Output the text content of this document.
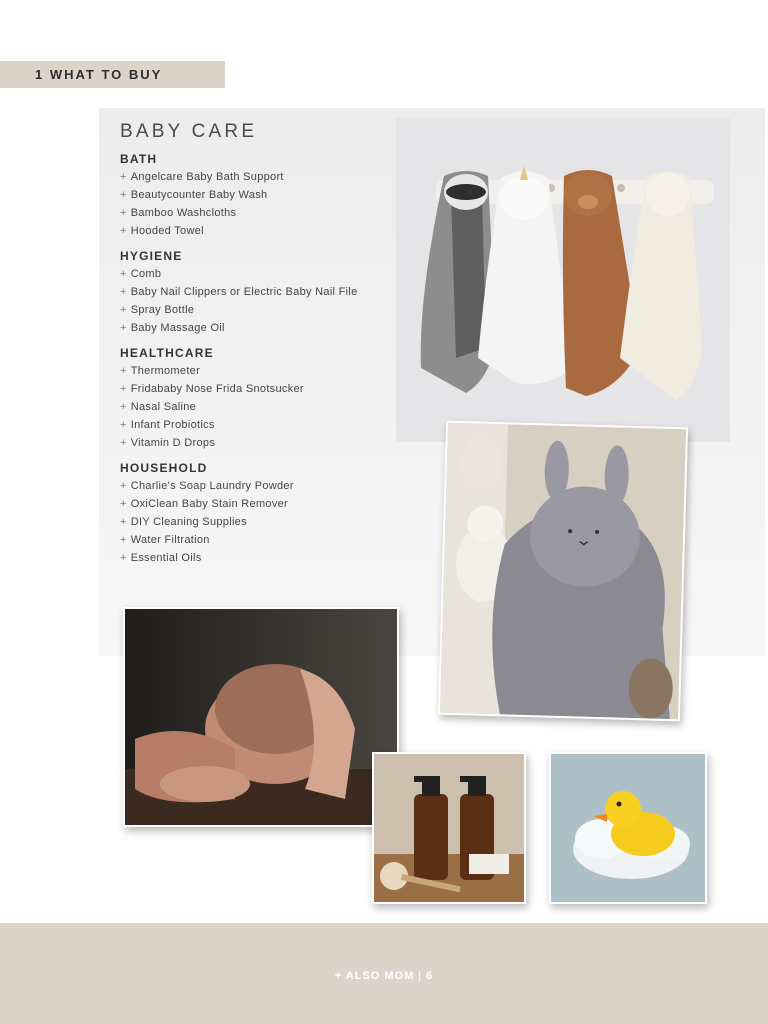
1 WHAT TO BUY
BABY CARE
BATH
+ Angelcare Baby Bath Support
+ Beautycounter Baby Wash
+ Bamboo Washcloths
+ Hooded Towel
HYGIENE
+ Comb
+ Baby Nail Clippers or Electric Baby Nail File
+ Spray Bottle
+ Baby Massage Oil
HEALTHCARE
+ Thermometer
+ Fridababy Nose Frida Snotsucker
+ Nasal Saline
+ Infant Probiotics
+ Vitamin D Drops
HOUSEHOLD
+ Charlie's Soap Laundry Powder
+ OxiClean Baby Stain Remover
+ DIY Cleaning Supplies
+ Water Filtration
+ Essential Oils
+ ALSO MOM | 6
